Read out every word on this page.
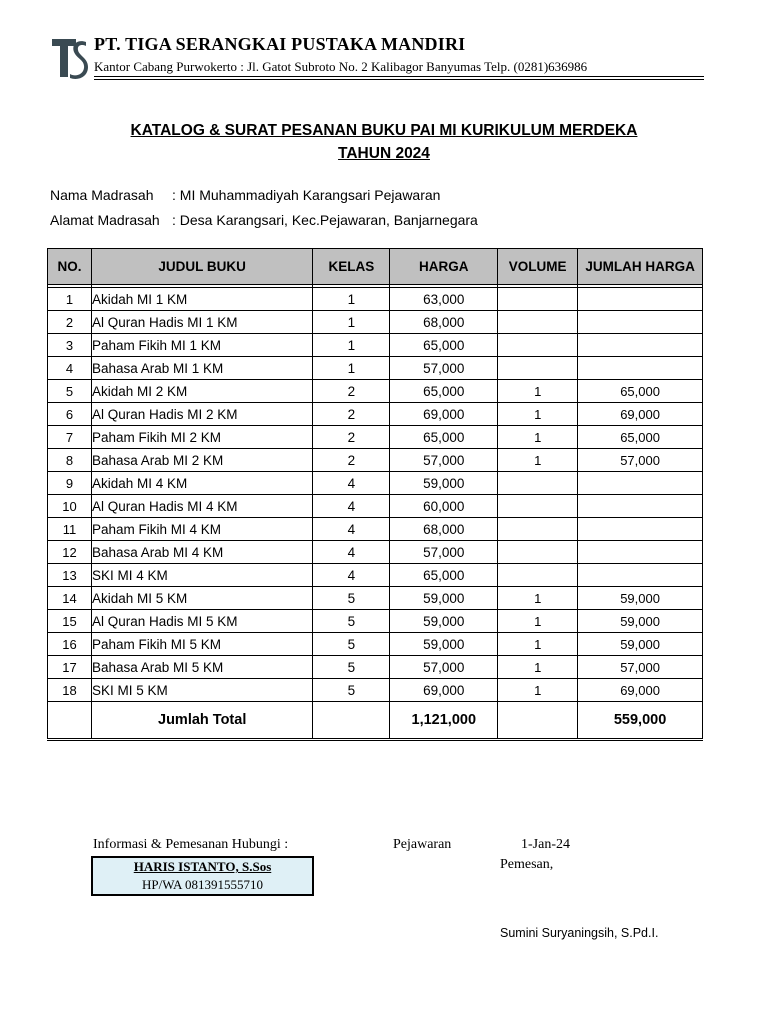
PT. TIGA SERANGKAI PUSTAKA MANDIRI
Kantor Cabang Purwokerto : Jl. Gatot Subroto No. 2 Kalibagor Banyumas Telp. (0281)636986
KATALOG & SURAT PESANAN BUKU PAI MI KURIKULUM MERDEKA
TAHUN 2024
Nama Madrasah : MI Muhammadiyah Karangsari Pejawaran
Alamat Madrasah : Desa Karangsari, Kec.Pejawaran, Banjarnegara
NO.	JUDUL BUKU	KELAS	HARGA	VOLUME	JUMLAH HARGA

1	Akidah MI 1 KM	1	63,000		
2	Al Quran Hadis MI 1 KM	1	68,000		
3	Paham Fikih MI 1 KM	1	65,000		
4	Bahasa Arab MI 1 KM	1	57,000		
5	Akidah MI 2 KM	2	65,000	1	65,000
6	Al Quran Hadis MI 2 KM	2	69,000	1	69,000
7	Paham Fikih MI 2 KM	2	65,000	1	65,000
8	Bahasa Arab MI 2 KM	2	57,000	1	57,000
9	Akidah MI 4 KM	4	59,000		
10	Al Quran Hadis MI 4 KM	4	60,000		
11	Paham Fikih MI 4 KM	4	68,000		
12	Bahasa Arab MI 4 KM	4	57,000		
13	SKI MI 4 KM	4	65,000		
14	Akidah MI 5 KM	5	59,000	1	59,000
15	Al Quran Hadis MI 5 KM	5	59,000	1	59,000
16	Paham Fikih MI 5 KM	5	59,000	1	59,000
17	Bahasa Arab MI 5 KM	5	57,000	1	57,000
18	SKI MI 5 KM	5	69,000	1	69,000
	Jumlah Total		1,121,000		559,000
Informasi & Pemesanan Hubungi :
HARIS ISTANTO, S.Sos
HP/WA 081391555710
Pejawaran	1-Jan-24
Pemesan,
Sumini Suryaningsih, S.Pd.I.
